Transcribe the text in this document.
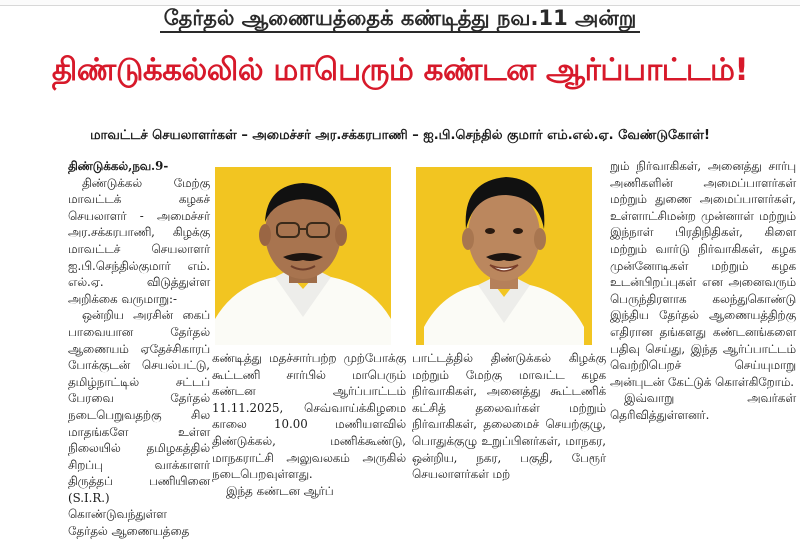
தேர்தல் ஆணையத்தைக் கண்டித்து நவ.11 அன்று
திண்டுக்கல்லில் மாபெரும் கண்டன ஆர்ப்பாட்டம்!
மாவட்டச் செயலாளர்கள் – அமைச்சர் அர.சக்கரபாணி – ஐ.பி.செந்தில் குமார் எம்.எல்.ஏ. வேண்டுகோள்!

திண்டுக்கல்,நவ.9-

திண்டுக்கல் மேற்கு மாவட்டக் கழகச் செயலாளர் - அமைச்சர் அர.சக்கரபாணி, கிழக்கு மாவட்டச் செயலாளர் ஐ.பி.செந்தில்குமார் எம். எல்.ஏ. விடுத்துள்ள அறிக்கை வருமாறு:-

ஒன்றிய அரசின் கைப் பாவையான தேர்தல் ஆணையம் ஏதேச்சிகாரப் போக்குடன் செயல்பட்டு, தமிழ்நாட்டில் சட்டப் பேரவை தேர்தல் நடைபெறுவதற்கு சில மாதங்களே உள்ள நிலையில் தமிழகத்தில் சிறப்பு வாக்காளர் திருத்தப் பணியினை (S.I.R.) கொண்டுவந்துள்ள தேர்தல் ஆணையத்தை

கண்டித்து மதச்சார்பற்ற முற்போக்கு கூட்டணி சார்பில் மாபெரும் கண்டன ஆர்ப்பாட்டம் 11.11.2025, செவ்வாய்க்கிழமை காலை 10.00 மணியளவில் திண்டுக்கல், மணிக்கூண்டு, மாநகராட்சி அலுவலகம் அருகில் நடைபெறவுள்ளது.

இந்த கண்டன ஆர்ப்

பாட்டத்தில் திண்டுக்கல் கிழக்கு மற்றும் மேற்கு மாவட்ட கழக நிர்வாகிகள், அனைத்து கூட்டணிக் கட்சித் தலைவர்கள் மற்றும் நிர்வாகிகள், தலைமைச் செயற்குழு, பொதுக்குழு உறுப்பினர்கள், மாநகர, ஒன்றிய, நகர, பகுதி, பேரூர் செயலாளர்கள் மற்

றும் நிர்வாகிகள், அனைத்து சார்பு அணிகளின் அமைப்பாளர்கள் மற்றும் துணை அமைப்பாளர்கள், உள்ளாட்சிமன்ற முன்னாள் மற்றும் இந்நாள் பிரதிநிதிகள், கிளை மற்றும் வார்டு நிர்வாகிகள், கழக முன்னோடிகள் மற்றும் கழக உடன்பிறப்புகள் என அனைவரும் பெருந்திரளாக கலந்துகொண்டு இந்திய தேர்தல் ஆணையத்திற்கு எதிரான தங்களது கண்டனங்களை பதிவு செய்து, இந்த ஆர்ப்பாட்டம் வெற்றிபெறச் செய்யுமாறு அன்புடன் கேட்டுக் கொள்கிறோம்.

இவ்வாறு அவர்கள் தெரிவித்துள்ளனர்.
